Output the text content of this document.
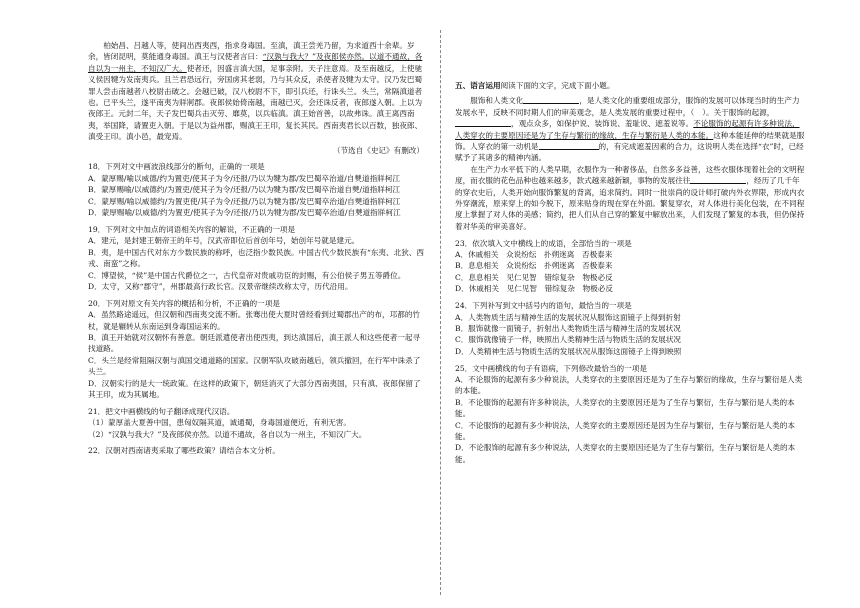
柏始昌、吕越人等，使间出西夷西，指求身毒国。至滇，滇王尝羌乃留，为求道西十余辈。岁余，皆闭昆明，莫能通身毒国。滇王与汉使者言曰：“汉孰与我大？”及夜郎侯亦然。以道不通故，各自以为一州主，不知汉广大。使者还，因盛言滇大国，足事亲附。天子注意焉。及至南越反，上使驰义侯因犍为发南夷兵。且兰君恐远行，旁国虏其老弱，乃与其众反，杀使者及犍为太守。汉乃发巴蜀罪人尝击南越者八校尉击破之。会越已破，汉八校尉不下，即引兵还，行诛头兰。头兰，常隔滇道者也。已平头兰，遂平南夷为牂牁郡。夜郎侯始倚南越，南越已灭，会还诛反者，夜郎遂入朝。上以为夜郎王。元封二年，天子发巴蜀兵击灭劳、靡莫，以兵临滇。滇王始首善，以故弗诛。滇王离西南夷，举国降，请置吏入朝。于是以为益州郡，赐滇王王印，复长其民。西南夷君长以百数，独夜郎、滇受王印。滇小邑，最宠焉。

（节选自《史记》有删改）
18．下列对文中画波浪线部分的断句，正确的一项是
A．蒙厚赐/喻以威德/约为置吏/使其子为令/还报/乃以为犍为郡/发巴蜀卒治道/自僰道指牂柯江
B．蒙厚赐喻/以威德约/为置吏/使其子为令/还报/乃以为犍为郡/发巴蜀卒治道自僰/道指牂柯江
C．蒙厚赐/喻以威德约/为置吏使/其子为令/还报/乃以为犍为郡/发巴蜀卒治道/自僰道指牂柯江
D．蒙厚赐喻/以威德/约为置吏/使其子为令/还报/乃以为犍为郡/发巴蜀卒治道/自僰道指牂柯江
19．下列对文中加点的词语相关内容的解说，不正确的一项是
A．建元，是封建王朝帝王的年号，汉武帝即位后首创年号，始创年号就是建元。
B．夷，是中国古代对东方少数民族的称呼，也泛指少数民族。中国古代少数民族有“东夷、北狄、西戎、南蛮”之称。
C．博望侯，“侯”是中国古代爵位之一，古代皇帝对贵戚功臣的封赐，有公伯侯子男五等爵位。
D．太守，又称“郡守”，州郡最高行政长官。汉景帝继续改称太守，历代沿用。
20．下列对原文有关内容的概括和分析，不正确的一项是
A．虽然路途遥远，但汉朝和西南夷交流不断。张骞出使大夏时曾经看到过蜀郡出产的布，邛都的竹杖，就是辗转从东南运到身毒国运来的。
B．滇王开始就对汉朝怀有善意。朝廷派遣使者出使西夷，到达滇国后，滇王派人和这些使者一起寻找道路。
C．头兰是经常阻隔汉朝与滇国交通道路的国家。汉朝军队攻破南越后，领兵撤回，在行军中诛杀了头兰。
D．汉朝实行的是大一统政策。在这样的政策下，朝廷消灭了大部分西南夷国，只有滇、夜郎保留了其王印，成为其属地。
21．把文中画横线的句子翻译成现代汉语。
（1）蒙厚盖大夏善中国，患匈奴隔其道，诚通蜀，身毒国道便近，有利无害。
（2）“汉孰与我大？”及夜郎侯亦然。以道不通故，各自以为一州主，不知汉广大。
22．汉朝对西南诸夷采取了哪些政策？请结合本文分析。
五、语言运用阅读下面的文字，完成下面小题。

服饰和人类文化	，是人类文化的重要组成部分，服饰的发展可以体现当时的生产力发展水平，反映不同时期人们的审美观念，是人类发展的重要过程中，（ ）。关于服饰的起源，，观点众多，如保护说、装饰说、羞耻说、遮羞说等。不论服饰的起源有许多种说法，人类穿衣的主要原因还是为了生存与繁衍的缘故，生存与繁衍是人类的本能。这种本能延伸的结果就是服饰。人穿衣的第一动机是	的，有完成遮羞因素的合力，这说明人类在选择“衣”时，已经赋予了其诸多的精神内涵。

在生产力水平低下的人类早期，衣服作为一种奢侈品，自然多多益善，这些衣服体现着社会的文明程度，而衣服的花色品种也越来越多，款式越来越新颖，事物的发展往往	，经历了几千年的穿衣史后，人类开始向服饰繁复的背离，追求简约。同时一批崇尚的设计师打破内外衣界限，形成内衣外穿潮流，原来穿上的如今脱下，原来贴身的现在穿在外面。繁复穿衣，对人体进行美化包装，在不同程度上掌握了对人体的美感；简约，把人们从自己穿的繁复中解放出来，人们发现了繁复的本我，但仍保持着对华美的审美喜好。

23．依次填入文中横线上的成语，全部恰当的一项是
A．休戚相关　 众说纷纭　 扑朔迷离　 否极泰来
B．息息相关　 众说纷纭　 扑朔迷离　 否极泰来
C．息息相关　 见仁见智　 错综复杂　 物极必反
D．休戚相关　 见仁见智　 错综复杂　 物极必反
24．下列补写到文中括号内的语句，最恰当的一项是
A．人类物质生活与精神生活的发展状况从服饰这面镜子上得到折射
B．服饰就像一面镜子，折射出人类物质生活与精神生活的发展状况
C．服饰就像镜子一样，映照出人类精神生活与物质生活的发展状况
D．人类精神生活与物质生活的发展状况从服饰这面镜子上得到映照
25．文中画横线的句子有语病，下列修改最恰当的一项是
A．不论服饰的起源有多少种说法，人类穿衣的主要原因还是为了生存与繁衍的缘故，生存与繁衍是人类的本能。
B．不论服饰的起源有许多种说法，人类穿衣的主要原因还是为了生存与繁衍，生存与繁衍是人类的本能。
C．不论服饰的起源有多少种说法，人类穿衣的主要原因还是因为生存与繁衍，生存与繁衍是人类的本能。
D．不论服饰的起源有多少种说法，人类穿衣的主要原因还是为了生存与繁衍，生存与繁衍是人类的本能。
